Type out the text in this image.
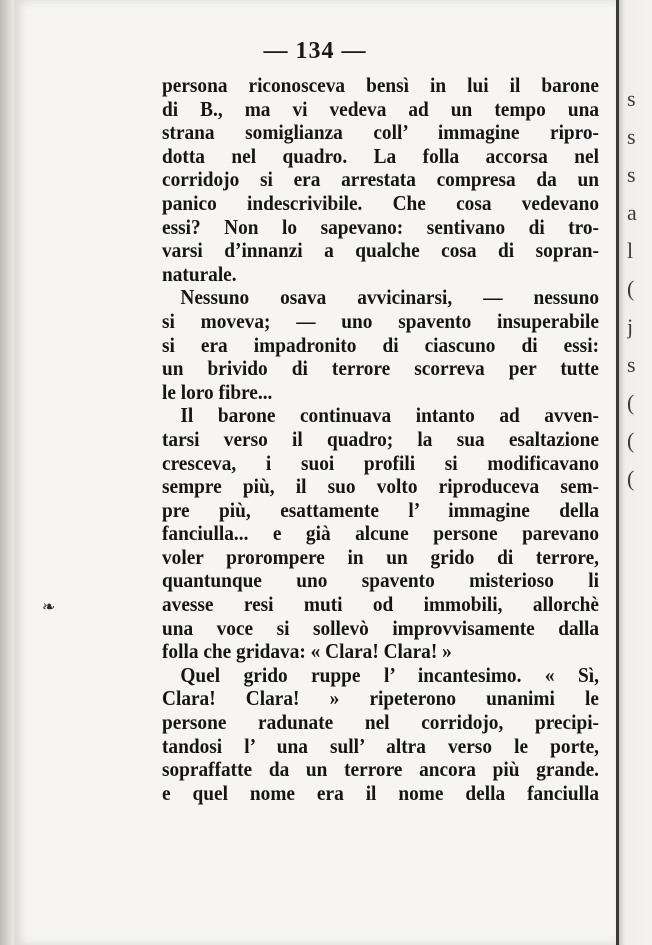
— 134 —
❧
persona riconosceva bensì in lui il barone
di B., ma vi vedeva ad un tempo una
strana somiglianza coll’ immagine ripro-
dotta nel quadro. La folla accorsa nel
corridojo si era arrestata compresa da un
panico indescrivibile. Che cosa vedevano
essi? Non lo sapevano: sentivano di tro-
varsi d’innanzi a qualche cosa di sopran-
naturale.
Nessuno osava avvicinarsi, — nessuno
si moveva; — uno spavento insuperabile
si era impadronito di ciascuno di essi:
un brivido di terrore scorreva per tutte
le loro fibre...
Il barone continuava intanto ad avven-
tarsi verso il quadro; la sua esaltazione
cresceva, i suoi profili si modificavano
sempre più, il suo volto riproduceva sem-
pre più, esattamente l’ immagine della
fanciulla... e già alcune persone parevano
voler prorompere in un grido di terrore,
quantunque uno spavento misterioso li
avesse resi muti od immobili, allorchè
una voce si sollevò improvvisamente dalla
folla che gridava: « Clara! Clara! »
Quel grido ruppe l’ incantesimo. « Sì,
Clara! Clara! » ripeterono unanimi le
persone radunate nel corridojo, precipi-
tandosi l’ una sull’ altra verso le porte,
sopraffatte da un terrore ancora più grande.
e quel nome era il nome della fanciulla
s
s
s
a
l
(
j
s
(
(
(
